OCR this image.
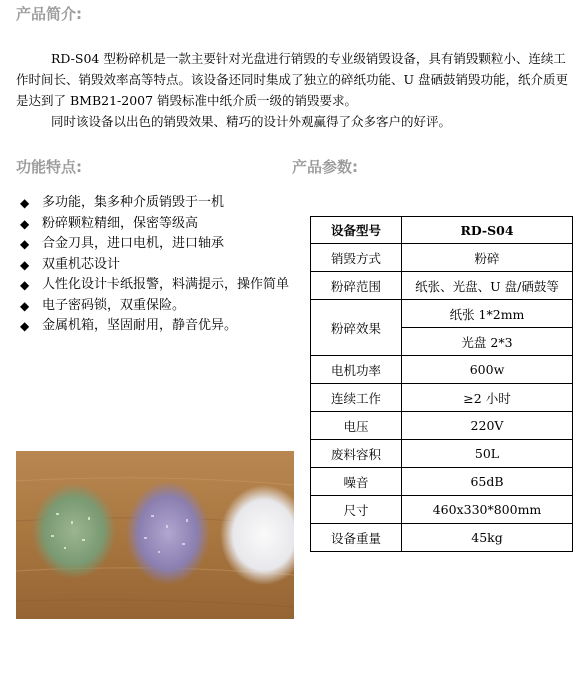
产品简介:

RD-S04 型粉碎机是一款主要针对光盘进行销毁的专业级销毁设备，具有销毁颗粒小、连续工作时间长、销毁效率高等特点。该设备还同时集成了独立的碎纸功能、U 盘硒鼓销毁功能，纸介质更是达到了 BMB21-2007 销毁标准中纸介质一级的销毁要求。

同时该设备以出色的销毁效果、精巧的设计外观赢得了众多客户的好评。

功能特点:	产品参数:
◆ 多功能，集多种介质销毁于一机
◆ 粉碎颗粒精细，保密等级高
◆ 合金刀具，进口电机，进口轴承
◆ 双重机芯设计
◆ 人性化设计卡纸报警，料满提示，操作简单
◆ 电子密码锁，双重保险。
◆ 金属机箱，坚固耐用，静音优异。
设备型号	RD-S04
销毁方式	粉碎
粉碎范围	纸张、光盘、U 盘/硒鼓等
粉碎效果	纸张 1*2mm
	光盘 2*3
电机功率	600w
连续工作	≥2 小时
电压	220V
废料容积	50L
噪音	65dB
尺寸	460x330*800mm
设备重量	45kg
